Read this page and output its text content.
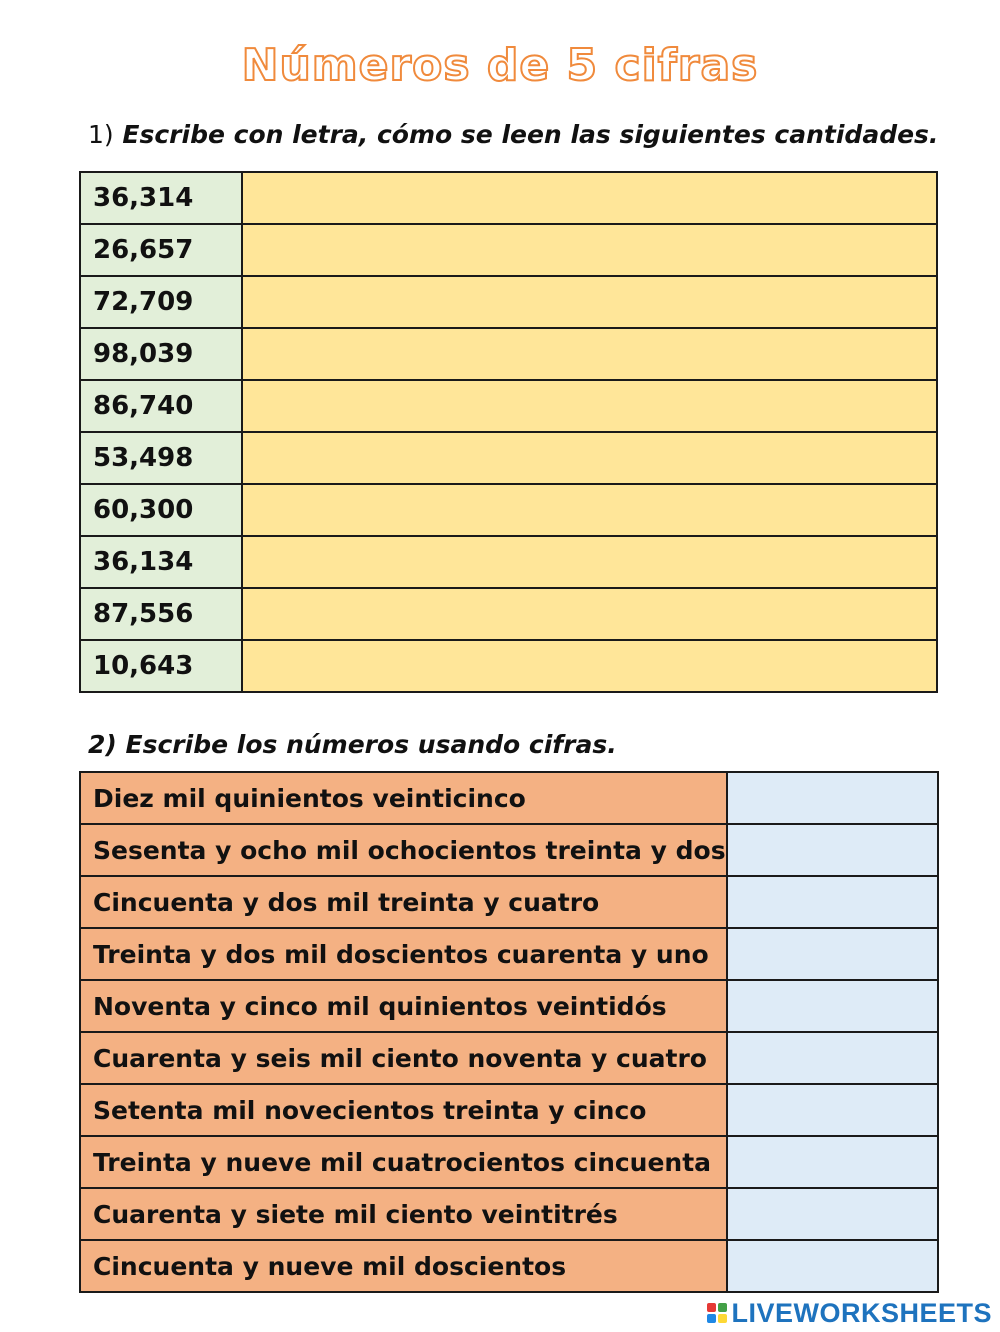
Números de 5 cifras
1) Escribe con letra, cómo se leen las siguientes cantidades.
36,314	
26,657	
72,709	
98,039	
86,740	
53,498	
60,300	
36,134	
87,556	
10,643	
2) Escribe los números usando cifras.
Diez mil quinientos veinticinco	
Sesenta y ocho mil ochocientos treinta y dos	
Cincuenta y dos mil treinta y cuatro	
Treinta y dos mil doscientos cuarenta y uno	
Noventa y cinco mil quinientos veintidós	
Cuarenta y seis mil ciento noventa y cuatro	
Setenta mil novecientos treinta y cinco	
Treinta y nueve mil cuatrocientos cincuenta	
Cuarenta y siete mil ciento veintitrés	
Cincuenta y nueve mil doscientos	
LIVEWORKSHEETS
